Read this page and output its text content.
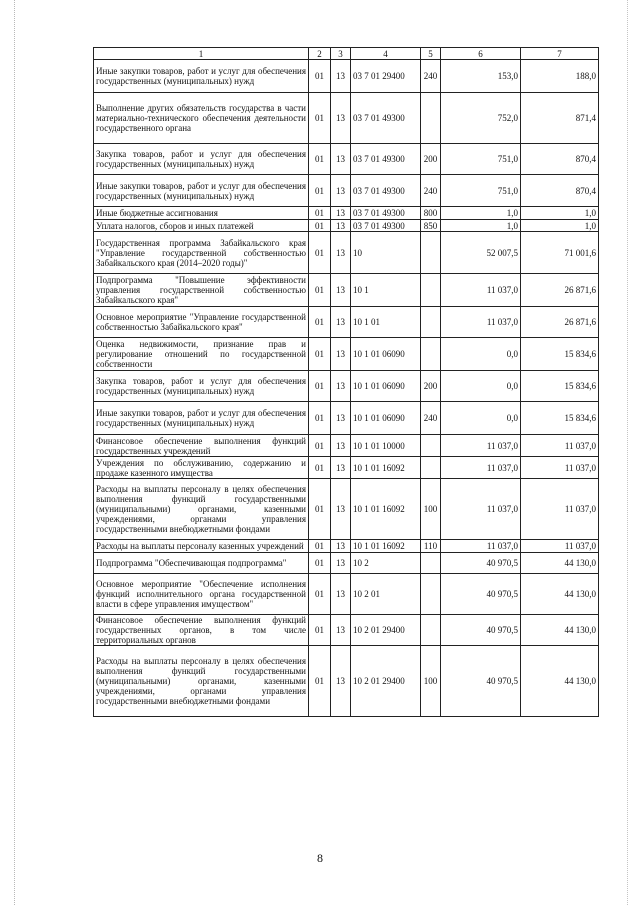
1	2	3	4	5	6	7
Иные закупки товаров, работ и услуг для обеспечения государственных (муниципальных) нужд	01	13	03 7 01 29400	240	153,0	188,0
Выполнение других обязательств государства в части материально-технического обеспечения деятельности государственного органа	01	13	03 7 01 49300		752,0	871,4
Закупка товаров, работ и услуг для обеспечения государственных (муниципальных) нужд	01	13	03 7 01 49300	200	751,0	870,4
Иные закупки товаров, работ и услуг для обеспечения государственных (муниципальных) нужд	01	13	03 7 01 49300	240	751,0	870,4
Иные бюджетные ассигнования	01	13	03 7 01 49300	800	1,0	1,0
Уплата налогов, сборов и иных платежей	01	13	03 7 01 49300	850	1,0	1,0
Государственная программа Забайкальского края "Управление государственной собственностью Забайкальского края (2014–2020 годы)"	01	13	10		52 007,5	71 001,6
Подпрограмма "Повышение эффективности управления государственной собственностью Забайкальского края"	01	13	10 1		11 037,0	26 871,6
Основное мероприятие "Управление государственной собственностью Забайкальского края"	01	13	10 1 01		11 037,0	26 871,6
Оценка недвижимости, признание прав и регулирование отношений по государственной собственности	01	13	10 1 01 06090		0,0	15 834,6
Закупка товаров, работ и услуг для обеспечения государственных (муниципальных) нужд	01	13	10 1 01 06090	200	0,0	15 834,6
Иные закупки товаров, работ и услуг для обеспечения государственных (муниципальных) нужд	01	13	10 1 01 06090	240	0,0	15 834,6
Финансовое обеспечение выполнения функций государственных учреждений	01	13	10 1 01 10000		11 037,0	11 037,0
Учреждения по обслуживанию, содержанию и продаже казенного имущества	01	13	10 1 01 16092		11 037,0	11 037,0
Расходы на выплаты персоналу в целях обеспечения выполнения функций государственными (муниципальными) органами, казенными учреждениями, органами управления государственными внебюджетными фондами	01	13	10 1 01 16092	100	11 037,0	11 037,0
Расходы на выплаты персоналу казенных учреждений	01	13	10 1 01 16092	110	11 037,0	11 037,0
Подпрограмма "Обеспечивающая подпрограмма"	01	13	10 2		40 970,5	44 130,0
Основное мероприятие "Обеспечение исполнения функций исполнительного органа государственной власти в сфере управления имуществом"	01	13	10 2 01		40 970,5	44 130,0
Финансовое обеспечение выполнения функций государственных органов, в том числе территориальных органов	01	13	10 2 01 29400		40 970,5	44 130,0
Расходы на выплаты персоналу в целях обеспечения выполнения функций государственными (муниципальными) органами, казенными учреждениями, органами управления государственными внебюджетными фондами	01	13	10 2 01 29400	100	40 970,5	44 130,0
8
